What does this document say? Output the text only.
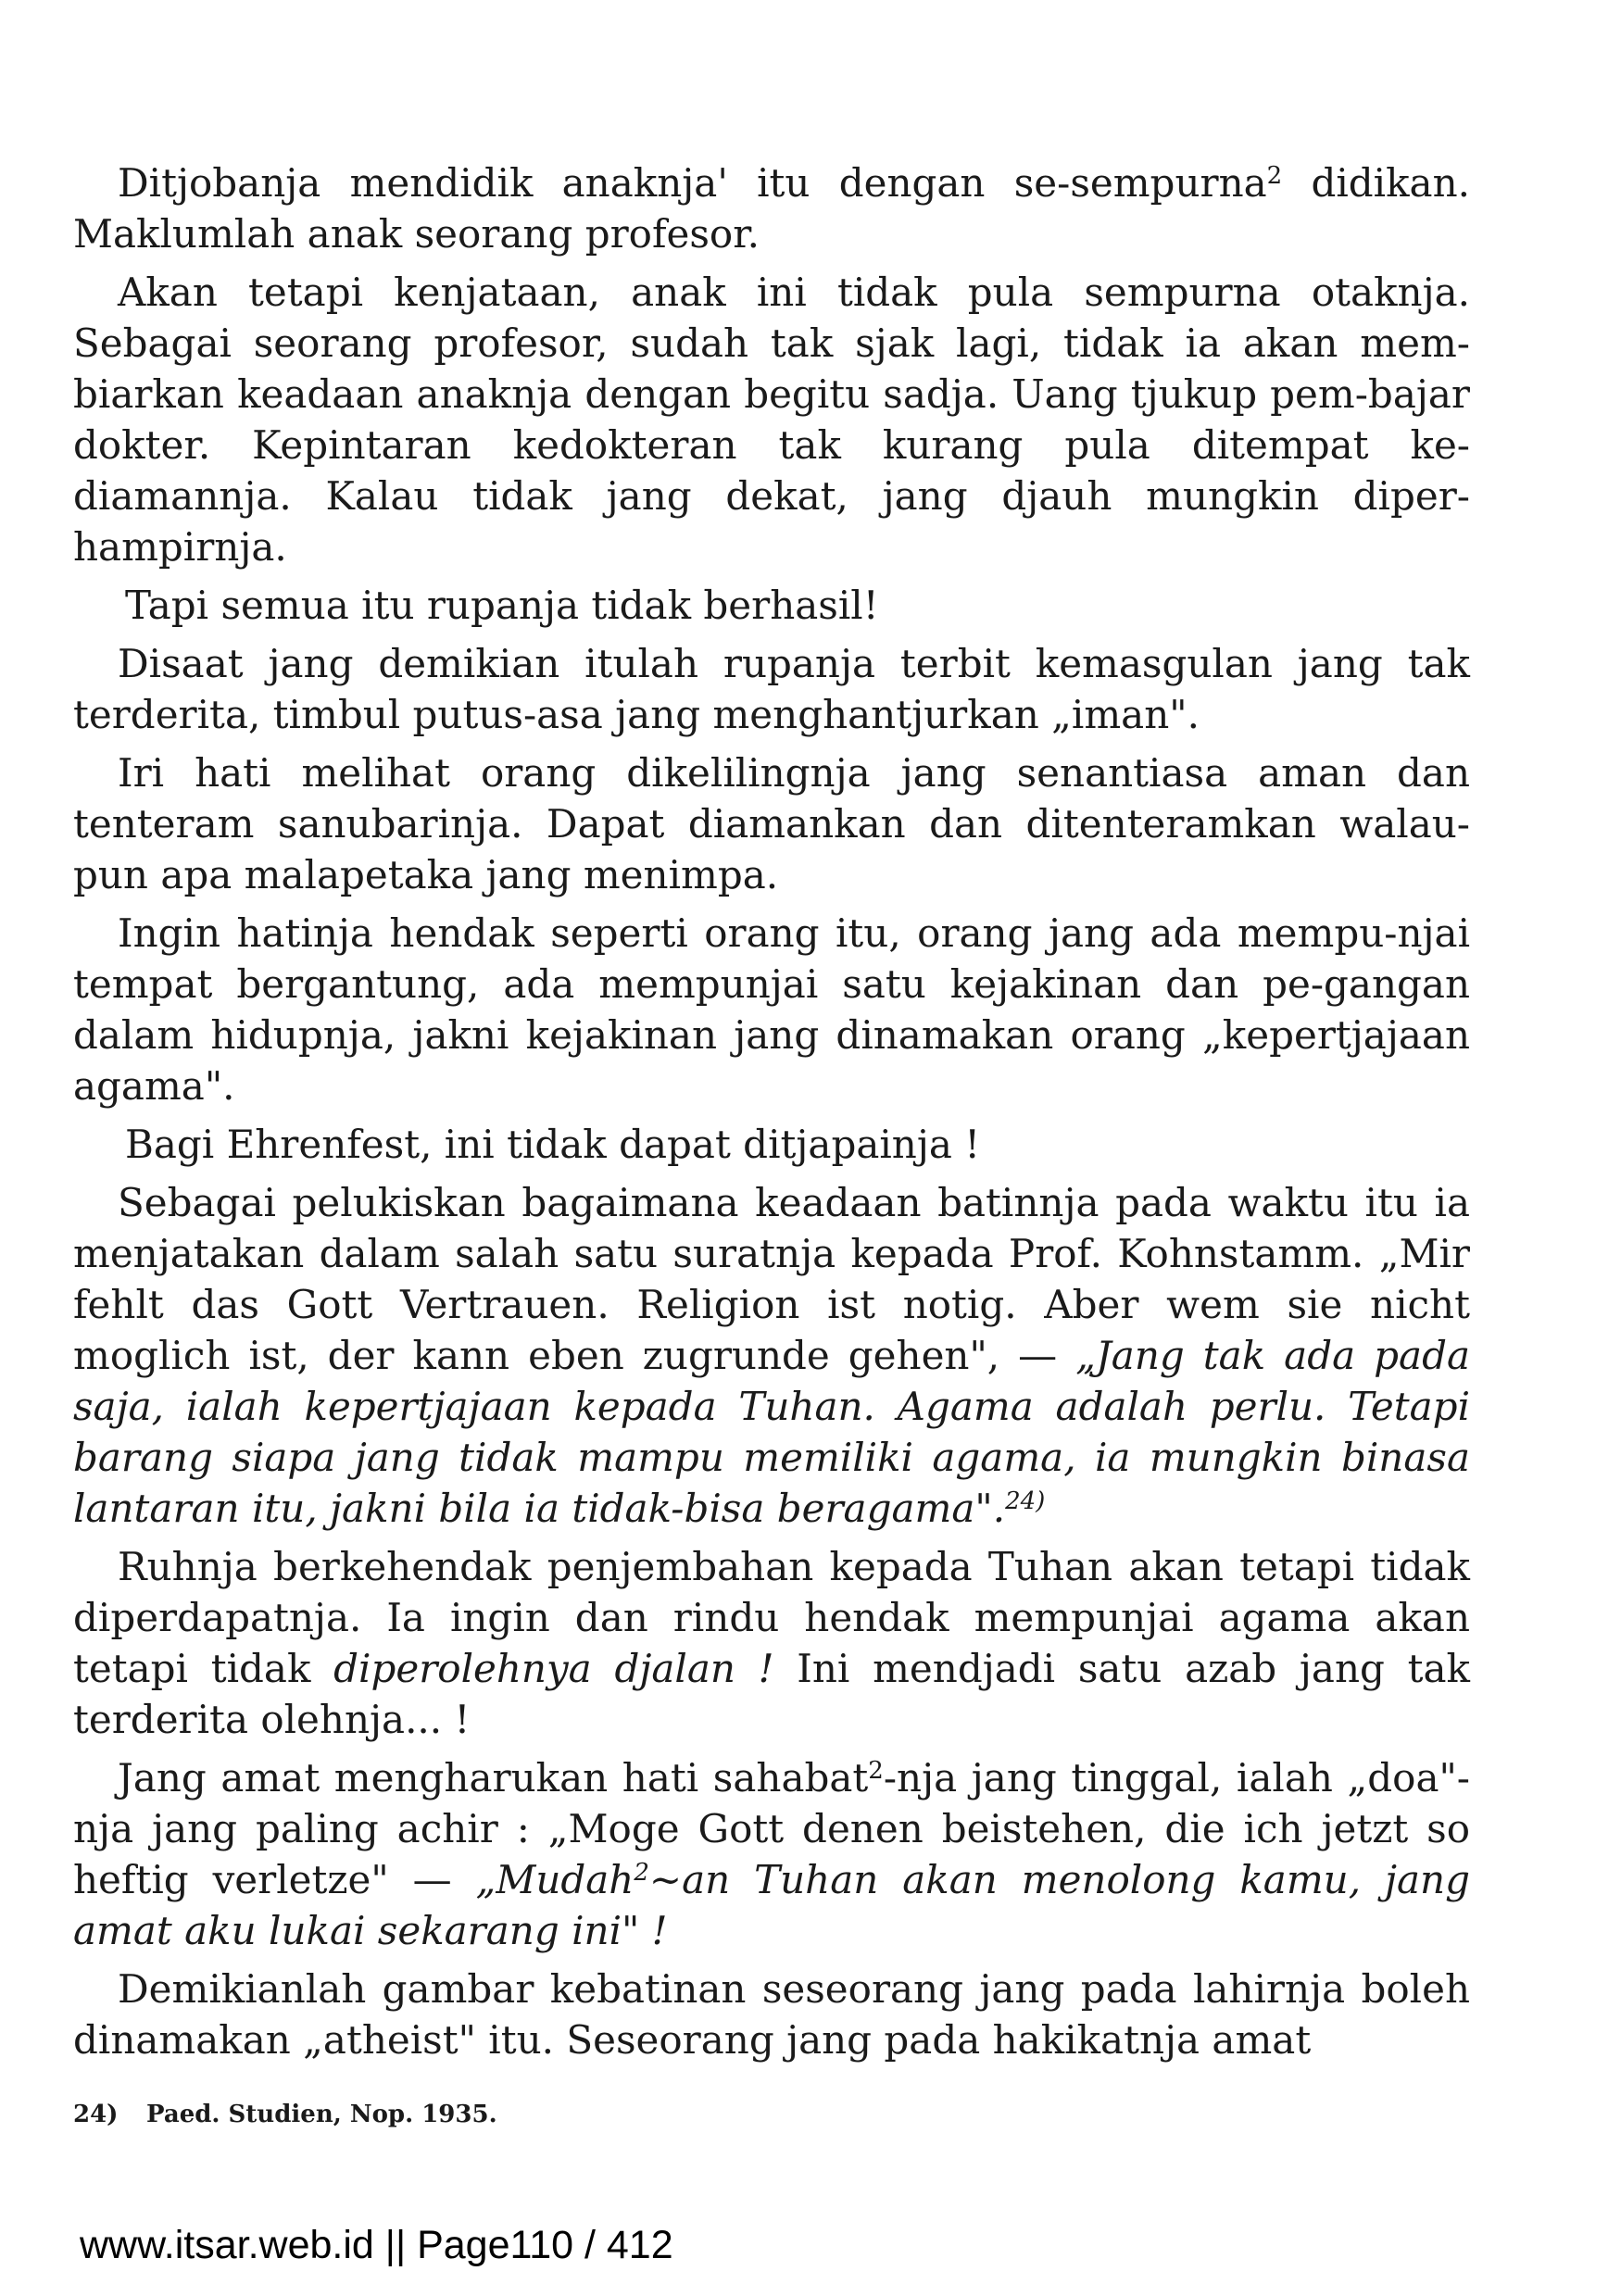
Ditjobanja mendidik anaknja' itu dengan se-sempurna$^2$ didikan. Maklumlah anak seorang profesor.

Akan tetapi kenjataan, anak ini tidak pula sempurna otaknja. Sebagai seorang profesor, sudah tak sjak lagi, tidak ia akan mem-biarkan keadaan anaknja dengan begitu sadja. Uang tjukup pem-bajar dokter. Kepintaran kedokteran tak kurang pula ditempat ke-diamannja. Kalau tidak jang dekat, jang djauh mungkin diper-hampirnja.

Tapi semua itu rupanja tidak berhasil!

Disaat jang demikian itulah rupanja terbit kemasgulan jang tak terderita, timbul putus-asa jang menghantjurkan „iman".

Iri hati melihat orang dikelilingnja jang senantiasa aman dan tenteram sanubarinja. Dapat diamankan dan ditenteramkan walau-pun apa malapetaka jang menimpa.

Ingin hatinja hendak seperti orang itu, orang jang ada mempu-njai tempat bergantung, ada mempunjai satu kejakinan dan pe-gangan dalam hidupnja, jakni kejakinan jang dinamakan orang „kepertjajaan agama".

Bagi Ehrenfest, ini tidak dapat ditjapainja !

Sebagai pelukiskan bagaimana keadaan batinnja pada waktu itu ia menjatakan dalam salah satu suratnja kepada Prof. Kohnstamm. „Mir fehlt das Gott Vertrauen. Religion ist notig. Aber wem sie nicht moglich ist, der kann eben zugrunde gehen", — „Jang tak ada pada saja, ialah kepertjajaan kepada Tuhan. Agama adalah perlu. Tetapi barang siapa jang tidak mampu memiliki agama, ia mungkin binasa lantaran itu, jakni bila ia tidak-bisa beragama".$^{24)}$

Ruhnja berkehendak penjembahan kepada Tuhan akan tetapi tidak diperdapatnja. Ia ingin dan rindu hendak mempunjai agama akan tetapi tidak diperolehnya djalan ! Ini mendjadi satu azab jang tak terderita olehnja... !

Jang amat mengharukan hati sahabat$^2$-nja jang tinggal, ialah „doa"-nja jang paling achir : „Moge Gott denen beistehen, die ich jetzt so heftig verletze" — „Mudah$^2$~an Tuhan akan menolong kamu, jang amat aku lukai sekarang ini" !

Demikianlah gambar kebatinan seseorang jang pada lahirnja boleh dinamakan „atheist" itu. Seseorang jang pada hakikatnja amat

24) Paed. Studien, Nop. 1935.
www.itsar.web.id || Page110 / 412
